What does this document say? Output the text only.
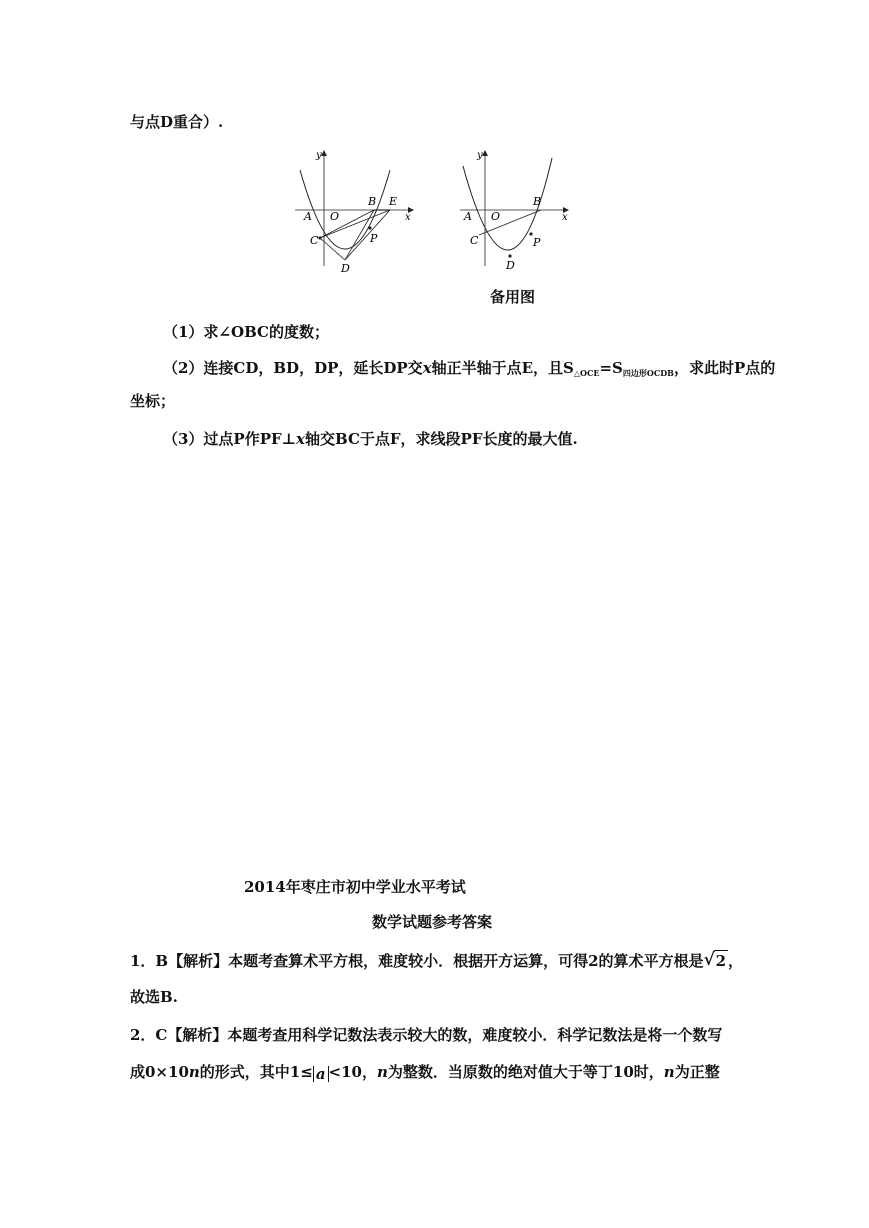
与点D重合）.
y
x
A O
B E
C	P
D
y
x
A O
B
C	P
D
备用图
（1）求∠OBC的度数；
（2）连接CD，BD，DP，延长DP交x轴正半轴于点E，且$S_{\triangle OCE}=S_{四边形OCDB}$，求此时P点的
坐标；
（3）过点P作PF⊥x轴交BC于点F，求线段PF长度的最大值.
2014年枣庄市初中学业水平考试
数学试题参考答案
1．B【解析】本题考查算术平方根，难度较小．根据开方运算，可得2的算术平方根是 √ 2 ，
故选B.
2．C【解析】本题考查用科学记数法表示较大的数，难度较小．科学记数法是将一个数写
成0×10n的形式，其中1≤ a <10，n为整数．当原数的绝对值大于等丁10时，n为正整
